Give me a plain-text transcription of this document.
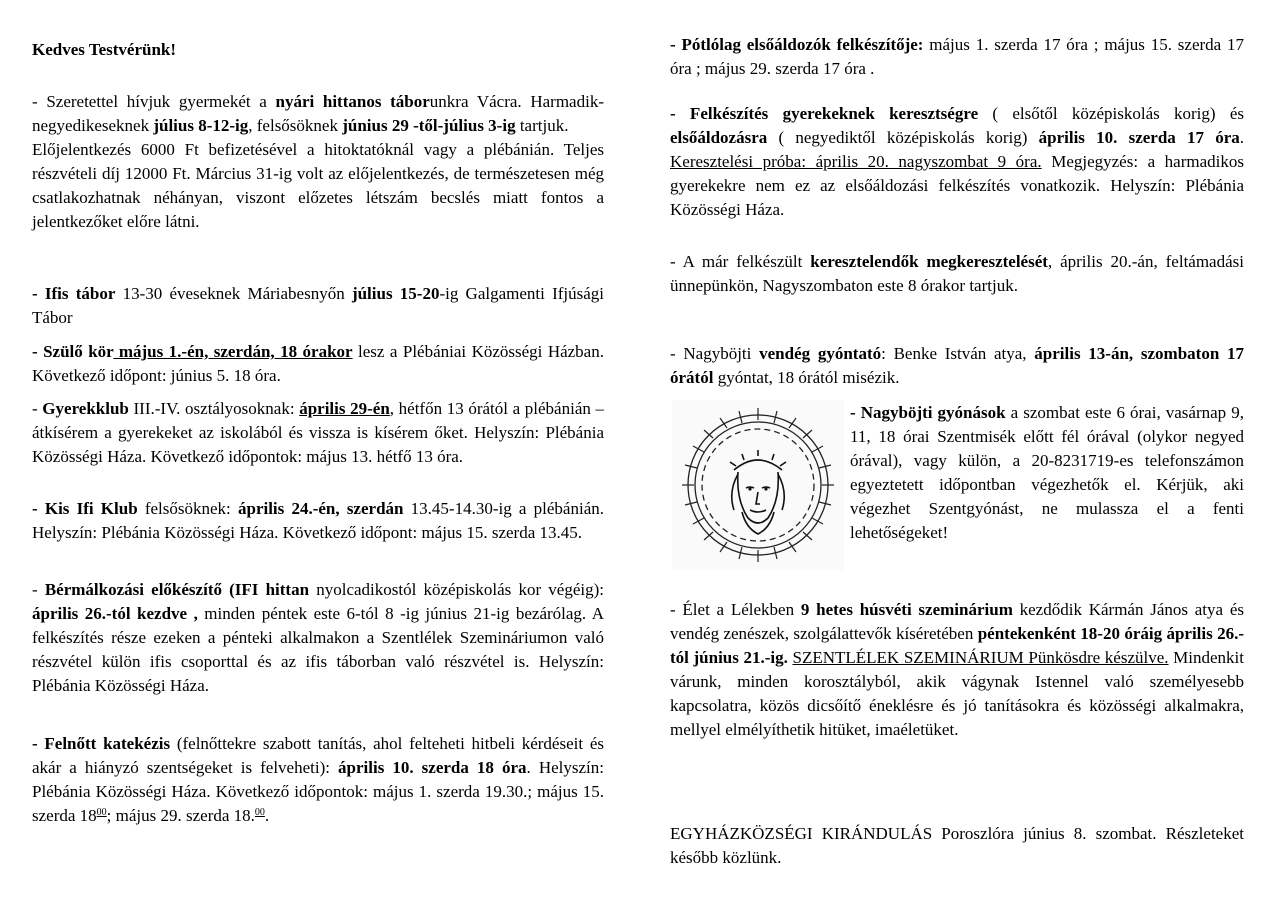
Kedves Testvérünk!

- Szeretettel hívjuk gyermekét a nyári hittanos táborunkra Vácra. Harmadik-negyedikeseknek július 8-12-ig, felsősöknek június 29 -től-július 3-ig tartjuk.
Előjelentkezés 6000 Ft befizetésével a hitoktatóknál vagy a plébánián. Teljes részvételi díj 12000 Ft. Március 31-ig volt az előjelentkezés, de természetesen még csatlakozhatnak néhányan, viszont előzetes létszám becslés miatt fontos a jelentkezőket előre látni.

- Ifis tábor 13-30 éveseknek Máriabesnyőn július 15-20-ig Galgamenti Ifjúsági Tábor

- Szülő kör május 1.-én, szerdán, 18 órakor lesz a Plébániai Közösségi Házban. Következő időpont: június 5. 18 óra.

- Gyerekklub III.-IV. osztályosoknak: április 29-én, hétfőn 13 órától a plébánián – átkísérem a gyerekeket az iskolából és vissza is kísérem őket. Helyszín: Plébánia Közösségi Háza. Következő időpontok: május 13. hétfő 13 óra.

- Kis Ifi Klub felsősöknek: április 24.-én, szerdán 13.45-14.30-ig a plébánián. Helyszín: Plébánia Közösségi Háza. Következő időpont: május 15. szerda 13.45.

- Bérmálkozási előkészítő (IFI hittan nyolcadikostól középiskolás kor végéig): április 26.-tól kezdve , minden péntek este 6-tól 8 -ig június 21-ig bezárólag. A felkészítés része ezeken a pénteki alkalmakon a Szentlélek Szemináriumon való részvétel külön ifis csoporttal és az ifis táborban való részvétel is. Helyszín: Plébánia Közösségi Háza.

- Felnőtt katekézis (felnőttekre szabott tanítás, ahol felteheti hitbeli kérdéseit és akár a hiányzó szentségeket is felveheti): április 10. szerda 18 óra. Helyszín: Plébánia Közösségi Háza. Következő időpontok: május 1. szerda 19.30.; május 15. szerda $18^{00}$; május 29. szerda 18.00.

- Pótlólag elsőáldozók felkészítője: május 1. szerda 17 óra ; május 15. szerda 17 óra ; május 29. szerda 17 óra .

- Felkészítés gyerekeknek keresztségre ( elsőtől középiskolás korig) és elsőáldozásra ( negyediktől középiskolás korig) április 10. szerda 17 óra. Keresztelési próba: április 20. nagyszombat 9 óra. Megjegyzés: a harmadikos gyerekekre nem ez az elsőáldozási felkészítés vonatkozik. Helyszín: Plébánia Közösségi Háza.

- A már felkészült keresztelendők megkeresztelését, április 20.-án, feltámadási ünnepünkön, Nagyszombaton este 8 órakor tartjuk.

- Nagyböjti vendég gyóntató: Benke István atya, április 13-án, szombaton 17 órától gyóntat, 18 órától misézik.

- Nagyböjti gyónások a szombat este 6 órai, vasárnap 9, 11, 18 órai Szentmisék előtt fél órával (olykor negyed órával), vagy külön, a 20-8231719-es telefonszámon egyeztetett időpontban végezhetők el. Kérjük, aki végezhet Szentgyónást, ne mulassza el a fenti lehetőségeket!

- Élet a Lélekben 9 hetes húsvéti szeminárium kezdődik Kármán János atya és vendég zenészek, szolgálattevők kíséretében péntekenként 18-20 óráig április 26.-tól június 21.-ig. SZENTLÉLEK SZEMINÁRIUM Pünkösdre készülve. Mindenkit várunk, minden korosztályból, akik vágynak Istennel való személyesebb kapcsolatra, közös dicsőítő éneklésre és jó tanításokra és közösségi alkalmakra, mellyel elmélyíthetik hitüket, imaéletüket.

EGYHÁZKÖZSÉGI KIRÁNDULÁS Poroszlóra június 8. szombat. Részleteket később közlünk.
